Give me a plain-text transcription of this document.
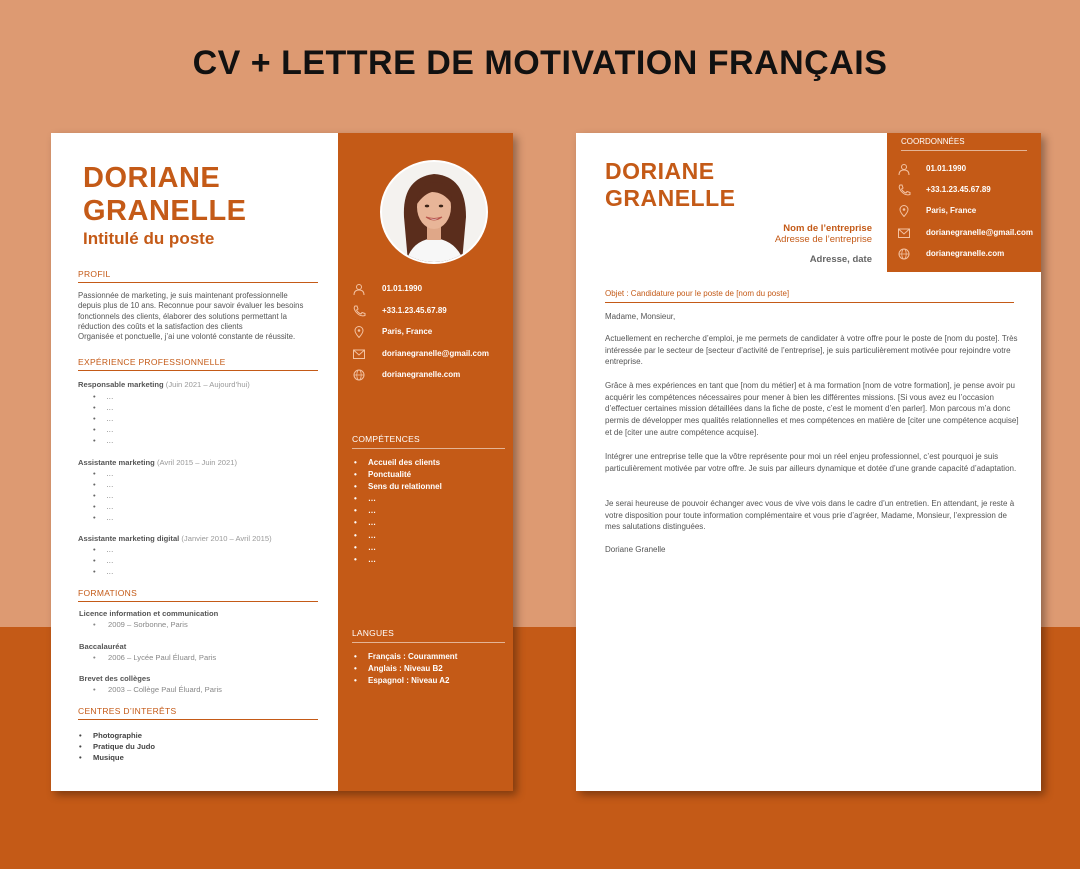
CV + LETTRE DE MOTIVATION FRANÇAIS
DORIANE
GRANELLE
Intitulé du poste
PROFIL
Passionnée de marketing, je suis maintenant professionnelle
depuis plus de 10 ans. Reconnue pour savoir évaluer les besoins
fonctionnels des clients, élaborer des solutions permettant la
réduction des coûts et la satisfaction des clients
Organisée et ponctuelle, j’ai une volonté constante de réussite.
EXPÉRIENCE PROFESSIONNELLE
Responsable marketing (Juin 2021 – Aujourd’hui)
• …
• …
• …
• …
• …
Assistante marketing (Avril 2015 – Juin 2021)
• …
• …
• …
• …
• …
Assistante marketing digital (Janvier 2010 – Avril 2015)
• …
• …
• …
FORMATIONS
Licence information et communication
• 2009 – Sorbonne, Paris
Baccalauréat
• 2006 – Lycée Paul Éluard, Paris
Brevet des collèges
• 2003 – Collège Paul Éluard, Paris
CENTRES D’INTERÊTS
• Photographie
• Pratique du Judo
• Musique
01.01.1990
+33.1.23.45.67.89
Paris, France
dorianegranelle@gmail.com
dorianegranelle.com
COMPÉTENCES
• Accueil des clients
• Ponctualité
• Sens du relationnel
• …
• …
• …
• …
• …
• …
LANGUES
• Français : Couramment
• Anglais : Niveau B2
• Espagnol : Niveau A2
DORIANE
GRANELLE
COORDONNÉES
01.01.1990
+33.1.23.45.67.89
Paris, France
dorianegranelle@gmail.com
dorianegranelle.com
Nom de l’entreprise
Adresse de l’entreprise
Adresse, date
Objet : Candidature pour le poste de [nom du poste]
Madame, Monsieur,
Actuellement en recherche d’emploi, je me permets de candidater à votre offre pour le poste de [nom du poste]. Très intéressée par le secteur de [secteur d’activité de l’entreprise], je suis particulièrement motivée pour rejoindre votre entreprise.
Grâce à mes expériences en tant que [nom du métier] et à ma formation [nom de votre formation], je pense avoir pu acquérir les compétences nécessaires pour mener à bien les différentes missions. [Si vous avez eu l’occasion d’effectuer certaines mission détaillées dans la fiche de poste, c’est le moment d’en parler]. Mon parcous m’a donc permis de développer mes qualités relationnelles et mes compétences en matière de [citer une compétence acquise] et de [citer une autre compétence acquise].
Intégrer une entreprise telle que la vôtre représente pour moi un réel enjeu professionnel, c’est pourquoi je suis particulièrement motivée par votre offre. Je suis par ailleurs dynamique et dotée d’une grande capacité d’adaptation.
Je serai heureuse de pouvoir échanger avec vous de vive vois dans le cadre d’un entretien. En attendant, je reste à votre disposition pour toute information complémentaire et vous prie d’agréer, Madame, Monsieur, l’expression de mes salutations distinguées.
Doriane Granelle
